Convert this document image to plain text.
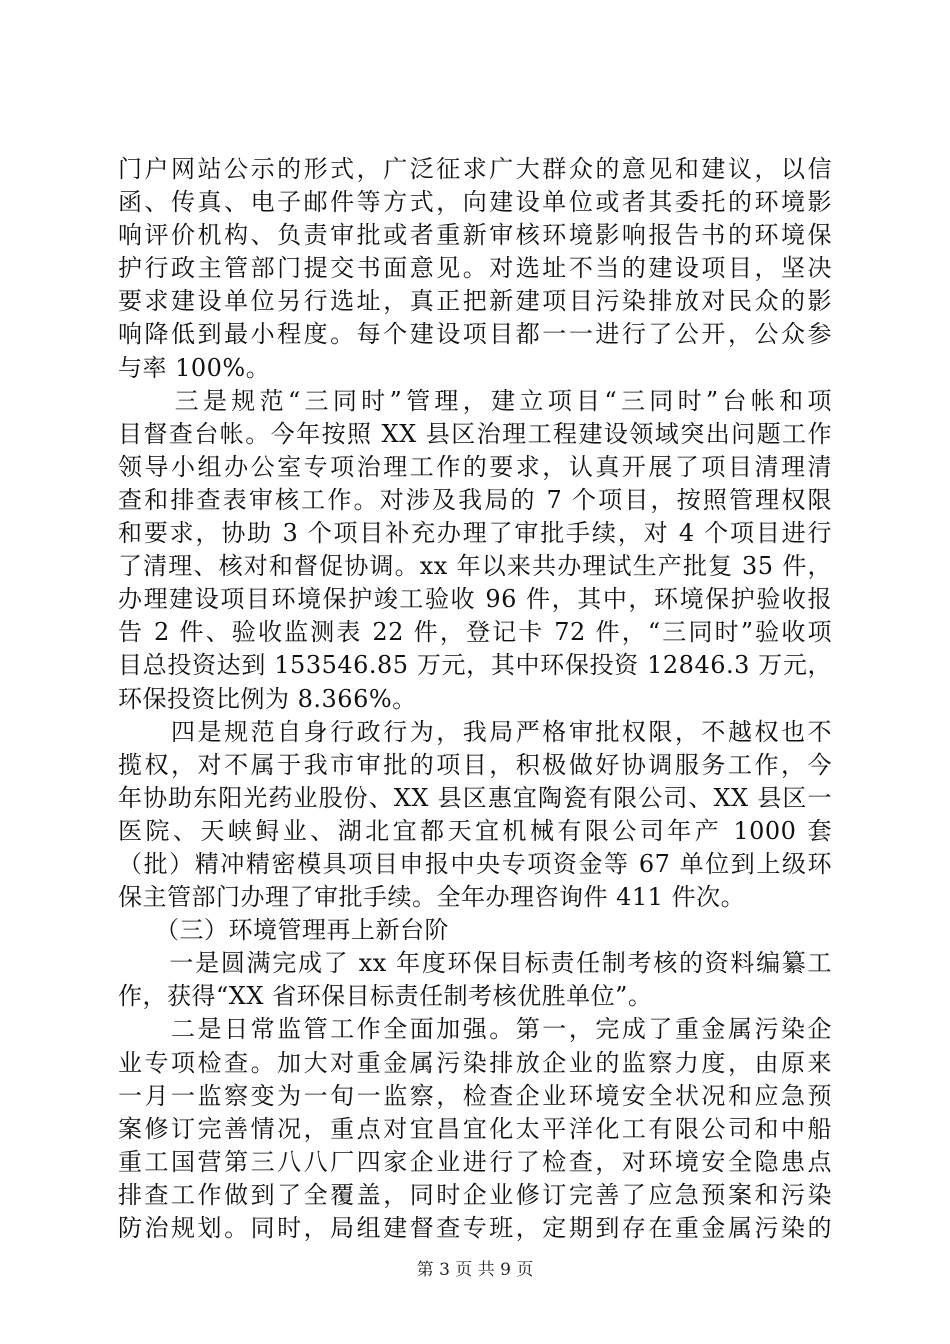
门户网站公示的形式，广泛征求广大群众的意见和建议，以信
函、传真、电子邮件等方式，向建设单位或者其委托的环境影
响评价机构、负责审批或者重新审核环境影响报告书的环境保
护行政主管部门提交书面意见。对选址不当的建设项目，坚决
要求建设单位另行选址，真正把新建项目污染排放对民众的影
响降低到最小程度。每个建设项目都一一进行了公开，公众参
与率 100%。
　　三是规范“三同时”管理，建立项目“三同时”台帐和项
目督查台帐。今年按照 XX 县区治理工程建设领域突出问题工作
领导小组办公室专项治理工作的要求，认真开展了项目清理清
查和排查表审核工作。对涉及我局的 7 个项目，按照管理权限
和要求，协助 3 个项目补充办理了审批手续，对 4 个项目进行
了清理、核对和督促协调。xx 年以来共办理试生产批复 35 件，
办理建设项目环境保护竣工验收 96 件，其中，环境保护验收报
告 2 件、验收监测表 22 件，登记卡 72 件，“三同时”验收项
目总投资达到 153546.85 万元，其中环保投资 12846.3 万元，
环保投资比例为 8.366%。
　　四是规范自身行政行为，我局严格审批权限，不越权也不
揽权，对不属于我市审批的项目，积极做好协调服务工作，今
年协助东阳光药业股份、XX 县区惠宜陶瓷有限公司、XX 县区一
医院、天峡鲟业、湖北宜都天宜机械有限公司年产 1000 套
（批）精冲精密模具项目申报中央专项资金等 67 单位到上级环
保主管部门办理了审批手续。全年办理咨询件 411 件次。
　　（三）环境管理再上新台阶
　　一是圆满完成了 xx 年度环保目标责任制考核的资料编纂工
作，获得“XX 省环保目标责任制考核优胜单位”。
　　二是日常监管工作全面加强。第一，完成了重金属污染企
业专项检查。加大对重金属污染排放企业的监察力度，由原来
一月一监察变为一旬一监察，检查企业环境安全状况和应急预
案修订完善情况，重点对宜昌宜化太平洋化工有限公司和中船
重工国营第三八八厂四家企业进行了检查，对环境安全隐患点
排查工作做到了全覆盖，同时企业修订完善了应急预案和污染
防治规划。同时，局组建督查专班，定期到存在重金属污染的
第 3 页 共 9 页
